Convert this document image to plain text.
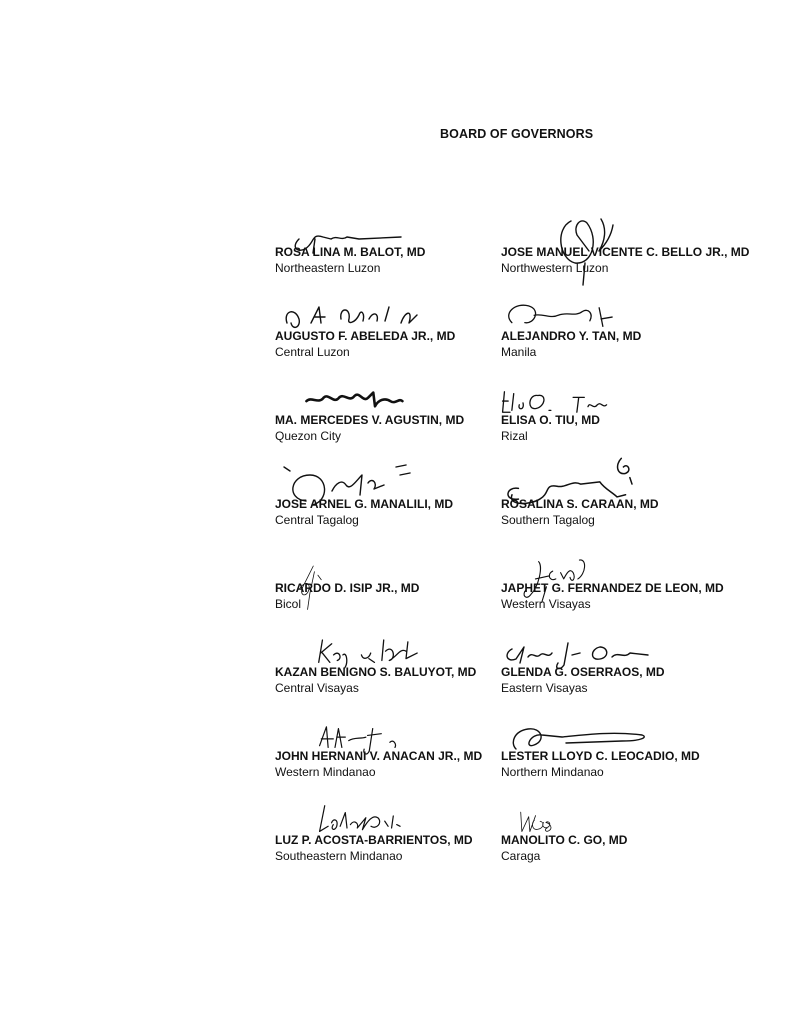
BOARD OF GOVERNORS
ROSA LINA M. BALOT, MD
Northeastern Luzon
JOSE MANUEL VICENTE C. BELLO JR., MD
Northwestern Luzon
AUGUSTO F. ABELEDA JR., MD
Central Luzon
ALEJANDRO Y. TAN, MD
Manila
MA. MERCEDES V. AGUSTIN, MD
Quezon City
ELISA O. TIU, MD
Rizal
JOSE ARNEL G. MANALILI, MD
Central Tagalog
ROSALINA S. CARAAN, MD
Southern Tagalog
RICARDO D. ISIP JR., MD
Bicol
JAPHET G. FERNANDEZ DE LEON, MD
Western Visayas
KAZAN BENIGNO S. BALUYOT, MD
Central Visayas
GLENDA G. OSERRAOS, MD
Eastern Visayas
JOHN HERNANI V. ANACAN JR., MD
Western Mindanao
LESTER LLOYD C. LEOCADIO, MD
Northern Mindanao
LUZ P. ACOSTA-BARRIENTOS, MD
Southeastern Mindanao
MANOLITO C. GO, MD
Caraga
